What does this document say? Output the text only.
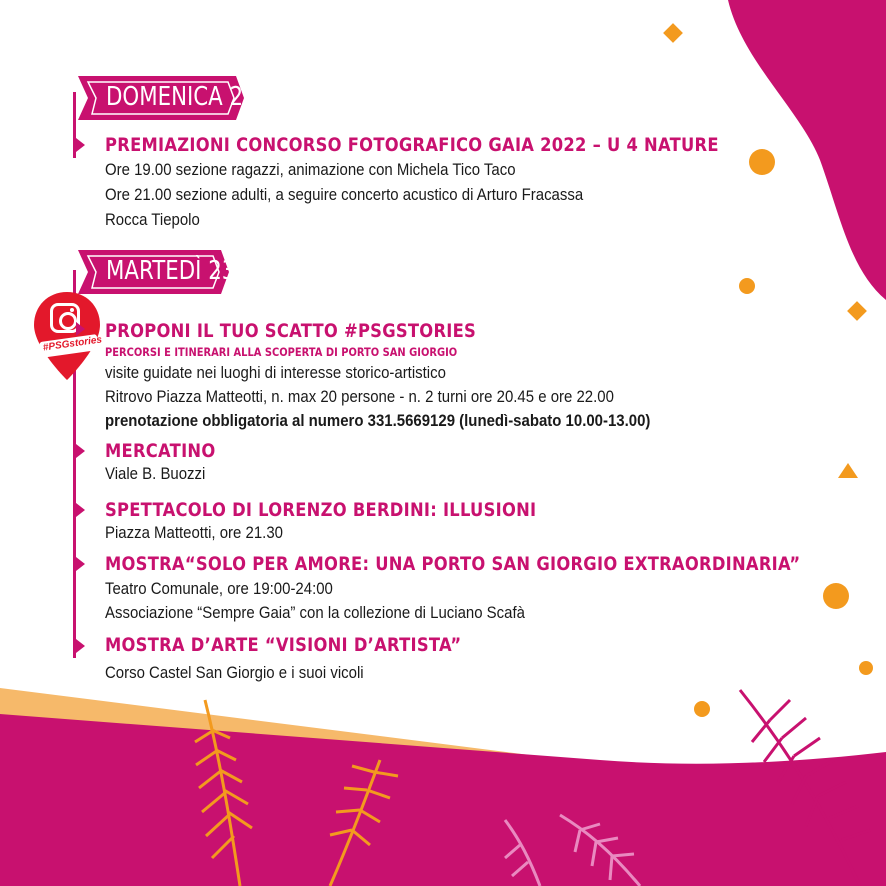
DOMENICA 21
MARTEDÌ 23
#PSGstories
PREMIAZIONI CONCORSO FOTOGRAFICO GAIA 2022 – U 4 NATURE
Ore 19.00 sezione ragazzi, animazione con Michela Tico Taco
Ore 21.00 sezione adulti, a seguire concerto acustico di Arturo Fracassa
Rocca Tiepolo
PROPONI IL TUO SCATTO #PSGSTORIES
PERCORSI E ITINERARI ALLA SCOPERTA DI PORTO SAN GIORGIO
visite guidate nei luoghi di interesse storico-artistico
Ritrovo Piazza Matteotti, n. max 20 persone - n. 2 turni ore 20.45 e ore 22.00
prenotazione obbligatoria al numero 331.5669129 (lunedì-sabato 10.00-13.00)
MERCATINO
Viale B. Buozzi
SPETTACOLO DI LORENZO BERDINI: ILLUSIONI
Piazza Matteotti, ore 21.30
MOSTRA“SOLO PER AMORE: UNA PORTO SAN GIORGIO EXTRAORDINARIA”
Teatro Comunale, ore 19:00-24:00
Associazione “Sempre Gaia” con la collezione di Luciano Scafà
MOSTRA D’ARTE “VISIONI D’ARTISTA”
Corso Castel San Giorgio e i suoi vicoli
